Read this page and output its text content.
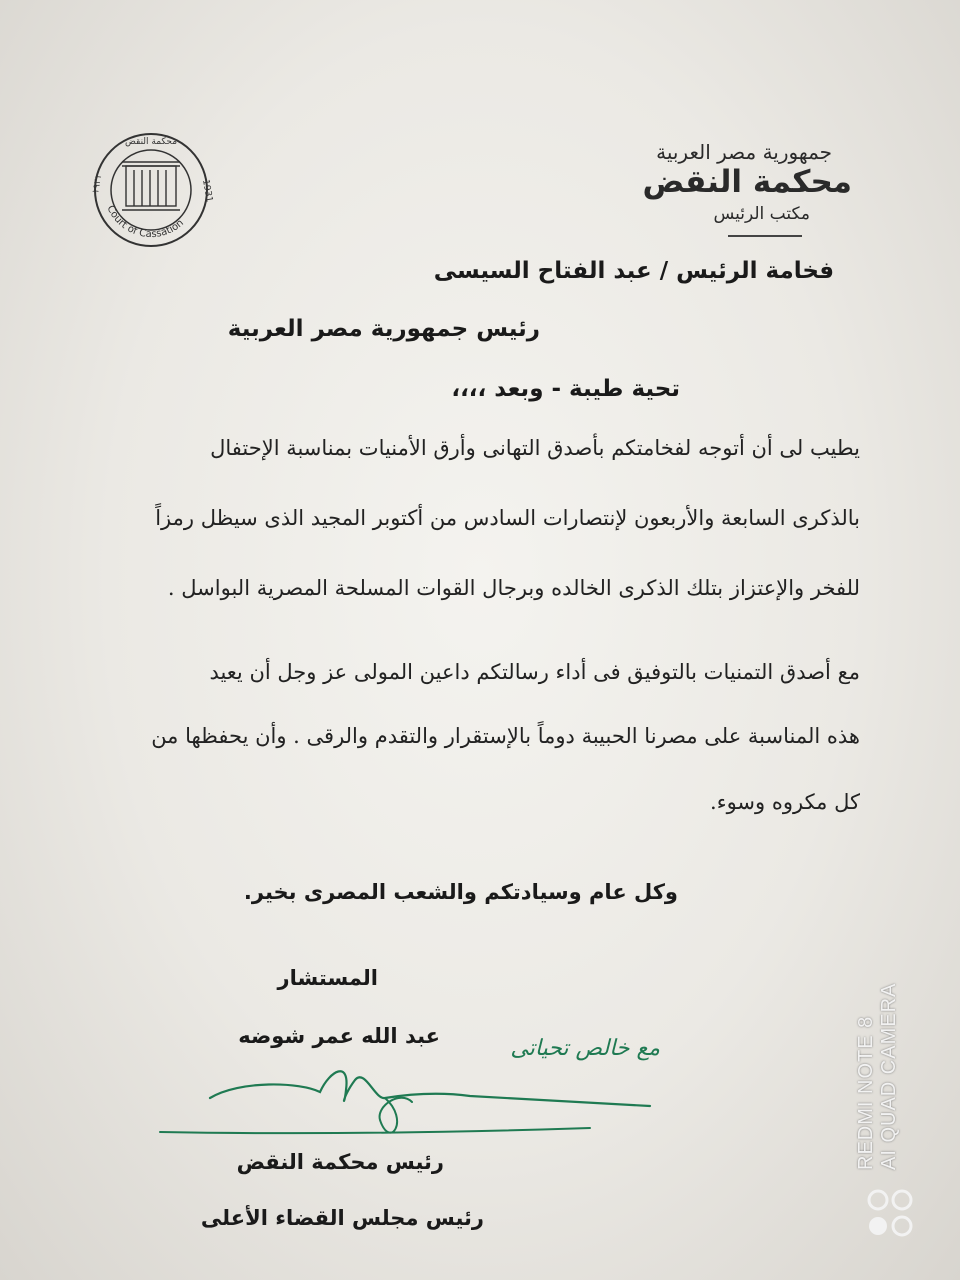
جمهورية مصر العربية
محكمة النقض
مكتب الرئيس
Court of Cassation
١٩٣١	1931
محكمة النقض
فخامة الرئيس / عبد الفتاح السيسى
رئيس جمهورية مصر العربية
تحية طيبة - وبعد ،،،،
يطيب لى أن أتوجه لفخامتكم بأصدق التهانى وأرق الأمنيات بمناسبة الإحتفال
بالذكرى السابعة والأربعون لإنتصارات السادس من أكتوبر المجيد الذى سيظل رمزاً
للفخر والإعتزاز بتلك الذكرى الخالده وبرجال القوات المسلحة المصرية البواسل .
مع أصدق التمنيات بالتوفيق فى أداء رسالتكم داعين المولى عز وجل أن يعيد
هذه المناسبة على مصرنا الحبيبة دوماً بالإستقرار والتقدم والرقى . وأن يحفظها من
كل مكروه وسوء.
وكل عام وسيادتكم والشعب المصرى بخير.
المستشار
عبد الله عمر شوضه	مع خالص تحياتى
رئيس محكمة النقض
رئيس مجلس القضاء الأعلى
REDMI NOTE 8 AI QUAD CAMERA
